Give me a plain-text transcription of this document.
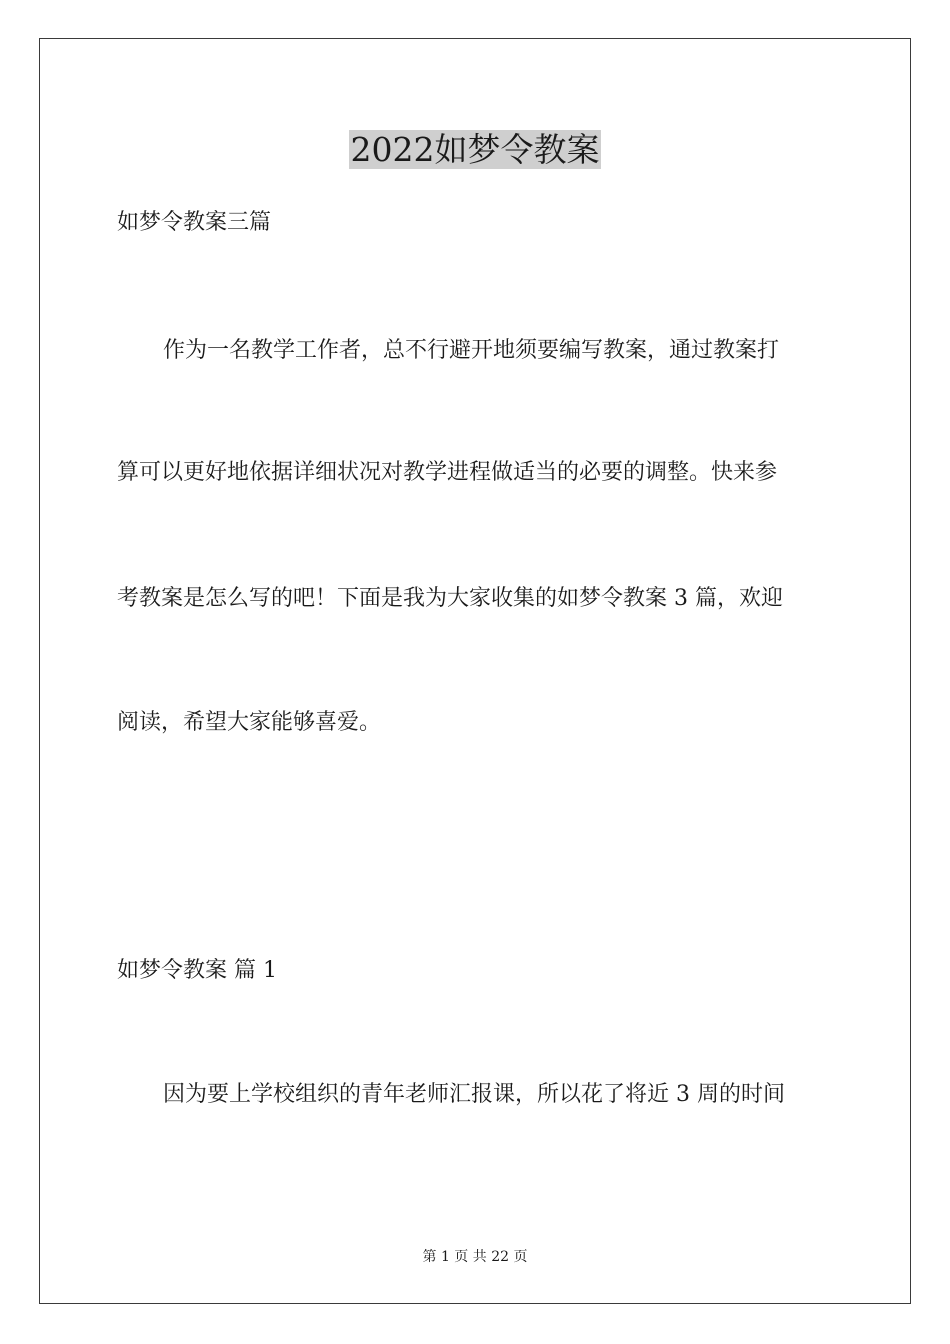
2022如梦令教案
如梦令教案三篇
作为一名教学工作者，总不行避开地须要编写教案，通过教案打
算可以更好地依据详细状况对教学进程做适当的必要的调整。快来参
考教案是怎么写的吧！下面是我为大家收集的如梦令教案 3 篇，欢迎
阅读，希望大家能够喜爱。
如梦令教案 篇 1
因为要上学校组织的青年老师汇报课，所以花了将近 3 周的时间
第 1 页 共 22 页
